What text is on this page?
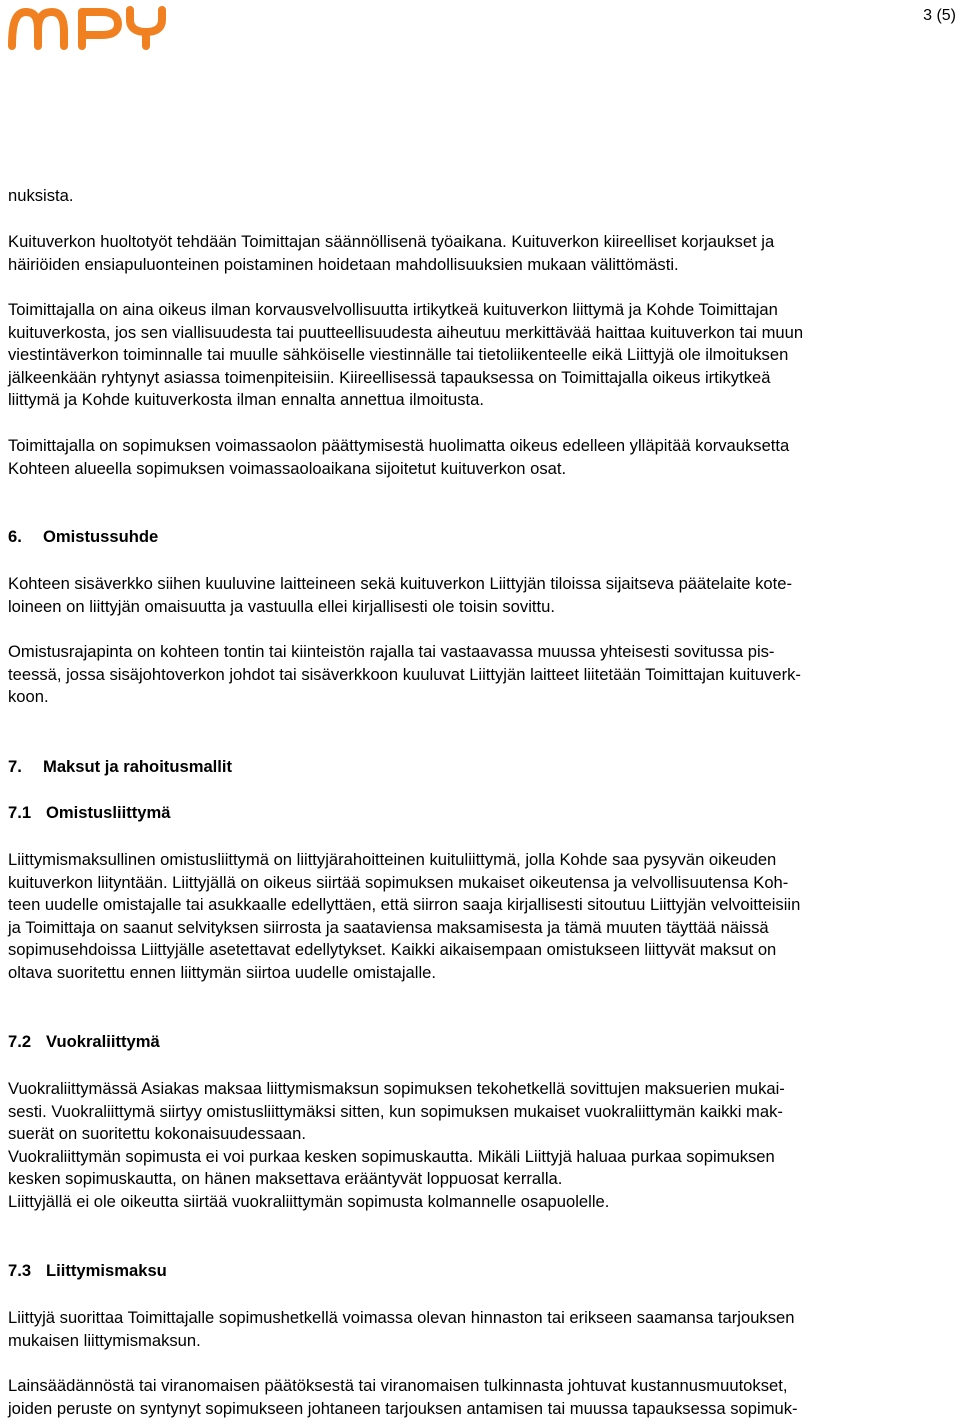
3 (5)

nuksista.

Kuituverkon huoltotyöt tehdään Toimittajan säännöllisenä työaikana. Kuituverkon kiireelliset korjaukset ja
häiriöiden ensiapuluonteinen poistaminen hoidetaan mahdollisuuksien mukaan välittömästi.

Toimittajalla on aina oikeus ilman korvausvelvollisuutta irtikytkeä kuituverkon liittymä ja Kohde Toimittajan
kuituverkosta, jos sen viallisuudesta tai puutteellisuudesta aiheutuu merkittävää haittaa kuituverkon tai muun
viestintäverkon toiminnalle tai muulle sähköiselle viestinnälle tai tietoliikenteelle eikä Liittyjä ole ilmoituksen
jälkeenkään ryhtynyt asiassa toimenpiteisiin. Kiireellisessä tapauksessa on Toimittajalla oikeus irtikytkeä
liittymä ja Kohde kuituverkosta ilman ennalta annettua ilmoitusta.

Toimittajalla on sopimuksen voimassaolon päättymisestä huolimatta oikeus edelleen ylläpitää korvauksetta
Kohteen alueella sopimuksen voimassaoloaikana sijoitetut kuituverkon osat.

6. Omistussuhde

Kohteen sisäverkko siihen kuuluvine laitteineen sekä kuituverkon Liittyjän tiloissa sijaitseva päätelaite kote-
loineen on liittyjän omaisuutta ja vastuulla ellei kirjallisesti ole toisin sovittu.

Omistusrajapinta on kohteen tontin tai kiinteistön rajalla tai vastaavassa muussa yhteisesti sovitussa pis-
teessä, jossa sisäjohtoverkon johdot tai sisäverkkoon kuuluvat Liittyjän laitteet liitetään Toimittajan kuituverk-
koon.

7. Maksut ja rahoitusmallit
7.1 Omistusliittymä

Liittymismaksullinen omistusliittymä on liittyjärahoitteinen kuituliittymä, jolla Kohde saa pysyvän oikeuden
kuituverkon liityntään. Liittyjällä on oikeus siirtää sopimuksen mukaiset oikeutensa ja velvollisuutensa Koh-
teen uudelle omistajalle tai asukkaalle edellyttäen, että siirron saaja kirjallisesti sitoutuu Liittyjän velvoitteisiin
ja Toimittaja on saanut selvityksen siirrosta ja saataviensa maksamisesta ja tämä muuten täyttää näissä
sopimusehdoissa Liittyjälle asetettavat edellytykset. Kaikki aikaisempaan omistukseen liittyvät maksut on
oltava suoritettu ennen liittymän siirtoa uudelle omistajalle.

7.2 Vuokraliittymä

Vuokraliittymässä Asiakas maksaa liittymismaksun sopimuksen tekohetkellä sovittujen maksuerien mukai-
sesti. Vuokraliittymä siirtyy omistusliittymäksi sitten, kun sopimuksen mukaiset vuokraliittymän kaikki mak-
suerät on suoritettu kokonaisuudessaan.
Vuokraliittymän sopimusta ei voi purkaa kesken sopimuskautta. Mikäli Liittyjä haluaa purkaa sopimuksen
kesken sopimuskautta, on hänen maksettava erääntyvät loppuosat kerralla.
Liittyjällä ei ole oikeutta siirtää vuokraliittymän sopimusta kolmannelle osapuolelle.

7.3 Liittymismaksu

Liittyjä suorittaa Toimittajalle sopimushetkellä voimassa olevan hinnaston tai erikseen saamansa tarjouksen
mukaisen liittymismaksun.

Lainsäädännöstä tai viranomaisen päätöksestä tai viranomaisen tulkinnasta johtuvat kustannusmuutokset,
joiden peruste on syntynyt sopimukseen johtaneen tarjouksen antamisen tai muussa tapauksessa sopimuk-
